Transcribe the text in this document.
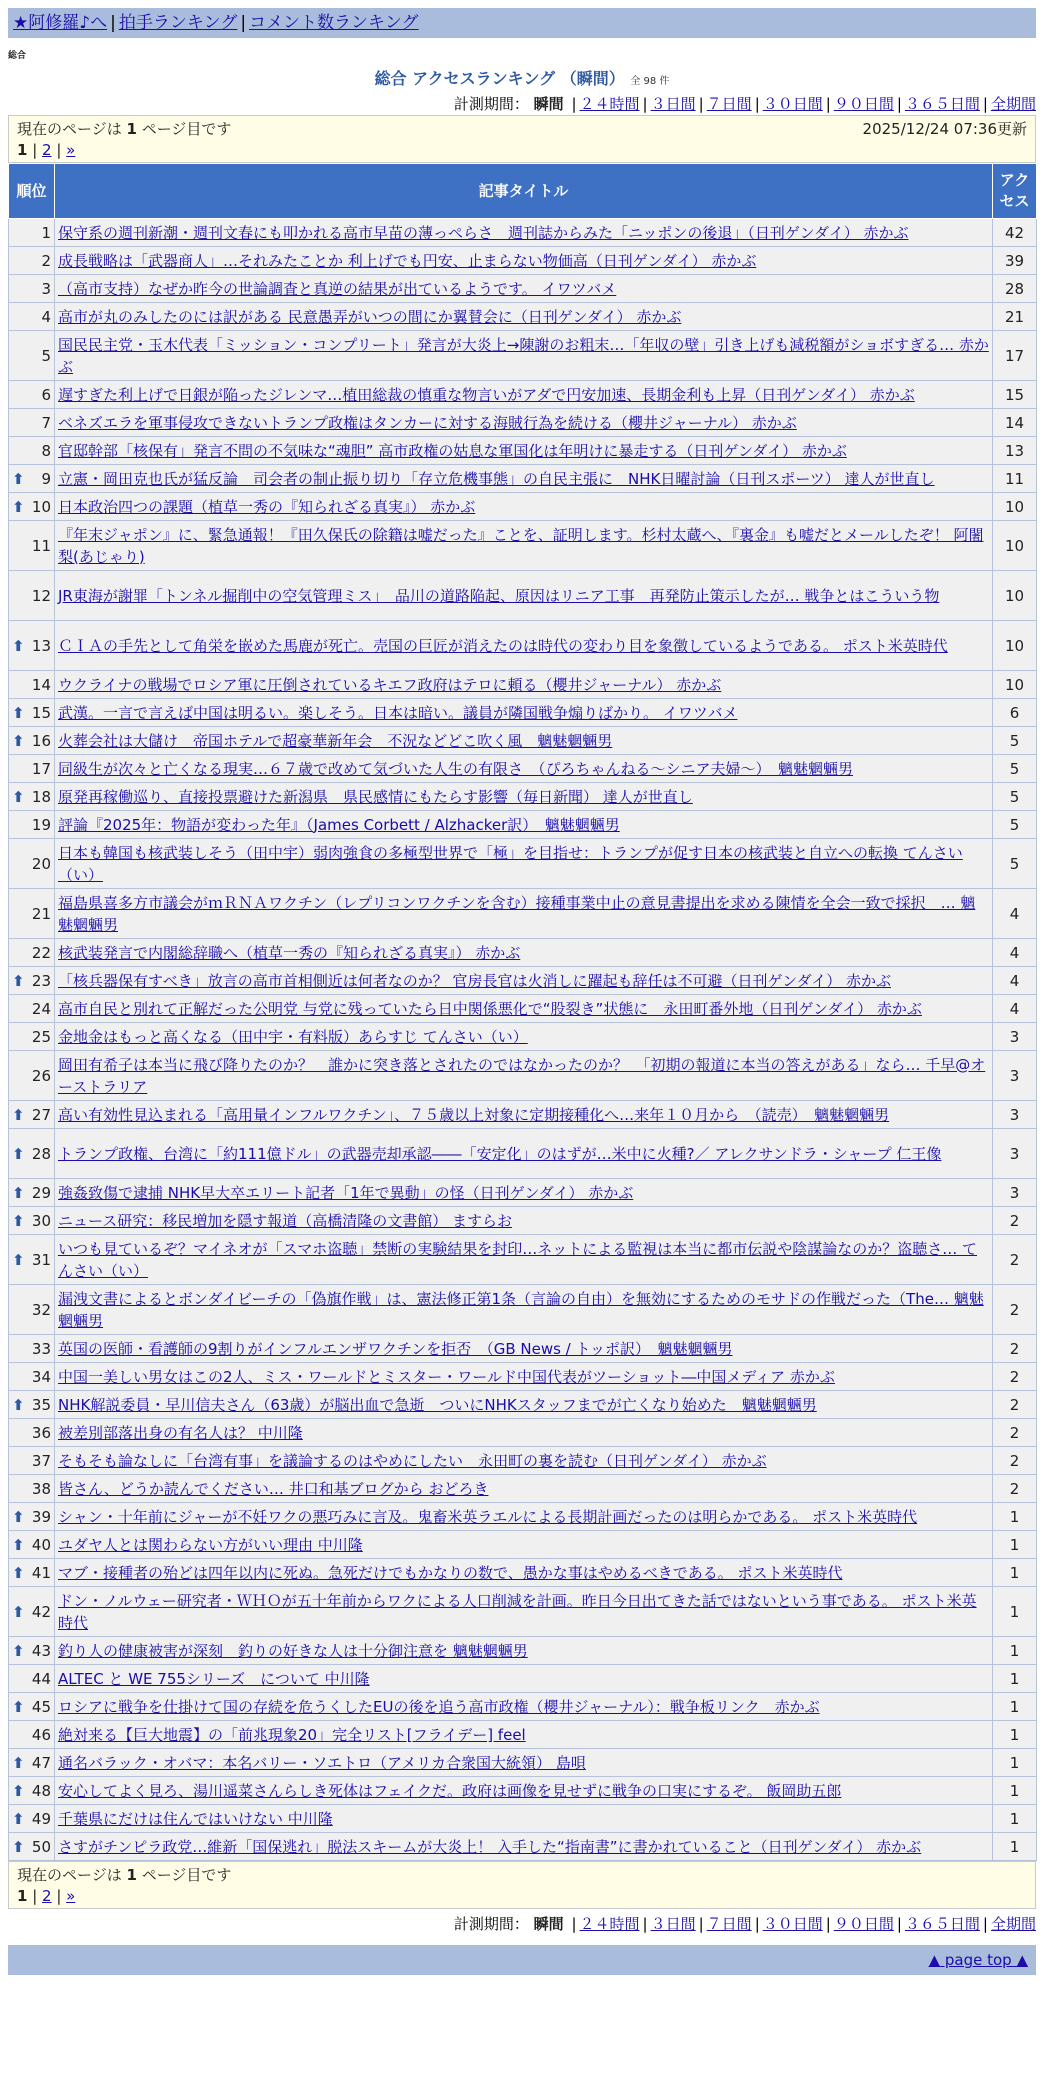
★阿修羅♪へ | 拍手ランキング | コメント数ランキング
総合
総合 アクセスランキング （瞬間） 全 98 件
計測期間： 瞬間 | ２４時間 | ３日間 | ７日間 | ３０日間 | ９０日間 | ３６５日間 | 全期間
現在のページは 1 ページ目です	2025/12/24 07:36更新
1 | 2 | »
順位	記事タイトル	アクセス
1	保守系の週刊新潮・週刊文春にも叩かれる高市早苗の薄っぺらさ　週刊誌からみた「ニッポンの後退」（日刊ゲンダイ） 赤かぶ	42
2	成長戦略は「武器商人」…それみたことか 利上げでも円安、止まらない物価高（日刊ゲンダイ） 赤かぶ	39
3	（高市支持）なぜか昨今の世論調査と真逆の結果が出ているようです。 イワツバメ	28
4	高市が丸のみしたのには訳がある 民意愚弄がいつの間にか翼賛会に（日刊ゲンダイ） 赤かぶ	21
5	国民民主党・玉木代表「ミッション・コンプリート」発言が大炎上→陳謝のお粗末…「年収の壁」引き上げも減税額がショボすぎる… 赤かぶ	17
6	遅すぎた利上げで日銀が陥ったジレンマ…植田総裁の慎重な物言いがアダで円安加速、長期金利も上昇（日刊ゲンダイ） 赤かぶ	15
7	ベネズエラを軍事侵攻できないトランプ政権はタンカーに対する海賊行為を続ける（櫻井ジャーナル） 赤かぶ	14
8	官邸幹部「核保有」発言不問の不気味な“魂胆” 高市政権の姑息な軍国化は年明けに暴走する（日刊ゲンダイ） 赤かぶ	13

⬆ 9	立憲・岡田克也氏が猛反論　司会者の制止振り切り「存立危機事態」の自民主張に　NHK日曜討論（日刊スポーツ） 達人が世直し	11

⬆ 10	日本政治四つの課題（植草一秀の『知られざる真実』） 赤かぶ	10
11	『年末ジャポン』に、緊急通報！『田久保氏の除籍は嘘だった』ことを、証明します。杉村太蔵へ、『裏金』も嘘だとメールしたぞ！ 阿闍梨(あじゃり)	10
12	JR東海が謝罪「トンネル掘削中の空気管理ミス」　品川の道路陥起、原因はリニア工事　再発防止策示したが… 戦争とはこういう物	10

⬆ 13	ＣＩＡの手先として角栄を嵌めた馬鹿が死亡。売国の巨匠が消えたのは時代の変わり目を象徴しているようである。 ポスト米英時代	10
14	ウクライナの戦場でロシア軍に圧倒されているキエフ政府はテロに頼る（櫻井ジャーナル） 赤かぶ	10

⬆ 15	武漢。一言で言えば中国は明るい。楽しそう。日本は暗い。議員が隣国戦争煽りばかり。 イワツバメ	6

⬆ 16	火葬会社は大儲け　帝国ホテルで超豪華新年会　不況などどこ吹く風　魑魅魍魎男	5
17	同級生が次々と亡くなる現実…６７歳で改めて気づいた人生の有限さ　（ぴろちゃんねる～シニア夫婦～）　魑魅魍魎男	5

⬆ 18	原発再稼働巡り、直接投票避けた新潟県　県民感情にもたらす影響（毎日新聞） 達人が世直し	5
19	評論『2025年：物語が変わった年』（James Corbett / Alzhacker訳）　魑魅魍魎男	5
20	日本も韓国も核武装しそう（田中宇）弱肉強食の多極型世界で「極」を目指せ：トランプが促す日本の核武装と自立への転換 てんさい（い）	5
21	福島県喜多方市議会がｍＲＮＡワクチン（レプリコンワクチンを含む）接種事業中止の意見書提出を求める陳情を全会一致で採択　… 魑魅魍魎男	4
22	核武装発言で内閣総辞職へ（植草一秀の『知られざる真実』） 赤かぶ	4

⬆ 23	「核兵器保有すべき」放言の高市首相側近は何者なのか？ 官房長官は火消しに躍起も辞任は不可避（日刊ゲンダイ） 赤かぶ	4
24	高市自民と別れて正解だった公明党 与党に残っていたら日中関係悪化で“股裂き”状態に　永田町番外地（日刊ゲンダイ） 赤かぶ	4
25	金地金はもっと高くなる（田中宇・有料版）あらすじ てんさい（い）	3
26	岡田有希子は本当に飛び降りたのか？　誰かに突き落とされたのではなかったのか？　「初期の報道に本当の答えがある」なら… 千早@オーストラリア	3

⬆ 27	高い有効性見込まれる「高用量インフルワクチン」、７５歳以上対象に定期接種化へ…来年１０月から　（読売）　魑魅魍魎男	3

⬆ 28	トランプ政権、台湾に「約111億ドル」の武器売却承認――「安定化」のはずが…米中に火種?／ アレクサンドラ・シャープ 仁王像	3

⬆ 29	強姦致傷で逮捕 NHK早大卒エリート記者「1年で異動」の怪（日刊ゲンダイ） 赤かぶ	3

⬆ 30	ニュース研究：移民増加を隠す報道（高橋清隆の文書館） ますらお	2

⬆ 31	いつも見ているぞ？マイネオが「スマホ盗聴」禁断の実験結果を封印…ネットによる監視は本当に都市伝説や陰謀論なのか？盗聴さ… てんさい（い）	2
32	漏洩文書によるとボンダイビーチの「偽旗作戦」は、憲法修正第1条（言論の自由）を無効にするためのモサドの作戦だった（The… 魑魅魍魎男	2
33	英国の医師・看護師の9割りがインフルエンザワクチンを拒否　（GB News / トッポ訳）　魑魅魍魎男	2
34	中国一美しい男女はこの2人、ミス・ワールドとミスター・ワールド中国代表がツーショット―中国メディア 赤かぶ	2

⬆ 35	NHK解説委員・早川信夫さん（63歳）が脳出血で急逝　ついにNHKスタッフまでが亡くなり始めた　魑魅魍魎男	2
36	被差別部落出身の有名人は？ 中川隆	2
37	そもそも論なしに「台湾有事」を議論するのはやめにしたい　永田町の裏を読む（日刊ゲンダイ） 赤かぶ	2
38	皆さん、どうか読んでください… 井口和基ブログから おどろき	2

⬆ 39	シャン・十年前にジャーが不妊ワクの悪巧みに言及。鬼畜米英ラエルによる長期計画だったのは明らかである。 ポスト米英時代	1

⬆ 40	ユダヤ人とは関わらない方がいい理由 中川隆	1

⬆ 41	マブ・接種者の殆どは四年以内に死ぬ。急死だけでもかなりの数で、愚かな事はやめるべきである。 ポスト米英時代	1

⬆ 42	ドン・ノルウェー研究者・ＷＨＯが五十年前からワクによる人口削減を計画。昨日今日出てきた話ではないという事である。 ポスト米英時代	1

⬆ 43	釣り人の健康被害が深刻　釣りの好きな人は十分御注意を 魑魅魍魎男	1
44	ALTEC と WE 755シリーズ　について 中川隆	1

⬆ 45	ロシアに戦争を仕掛けて国の存続を危うくしたEUの後を追う高市政権（櫻井ジャーナル）：戦争板リンク　赤かぶ	1
46	絶対来る【巨大地震】の「前兆現象20」完全リスト[フライデー] feel	1

⬆ 47	通名バラック・オバマ：本名バリー・ソエトロ（アメリカ合衆国大統領） 島唄	1

⬆ 48	安心してよく見ろ、湯川遥菜さんらしき死体はフェイクだ。政府は画像を見せずに戦争の口実にするぞ。 飯岡助五郎	1

⬆ 49	千葉県にだけは住んではいけない 中川隆	1

⬆ 50	さすがチンピラ政党…維新「国保逃れ」脱法スキームが大炎上！ 入手した“指南書”に書かれていること（日刊ゲンダイ） 赤かぶ	1
現在のページは 1 ページ目です
1 | 2 | »
計測期間： 瞬間 | ２４時間 | ３日間 | ７日間 | ３０日間 | ９０日間 | ３６５日間 | 全期間
▲ page top ▲
